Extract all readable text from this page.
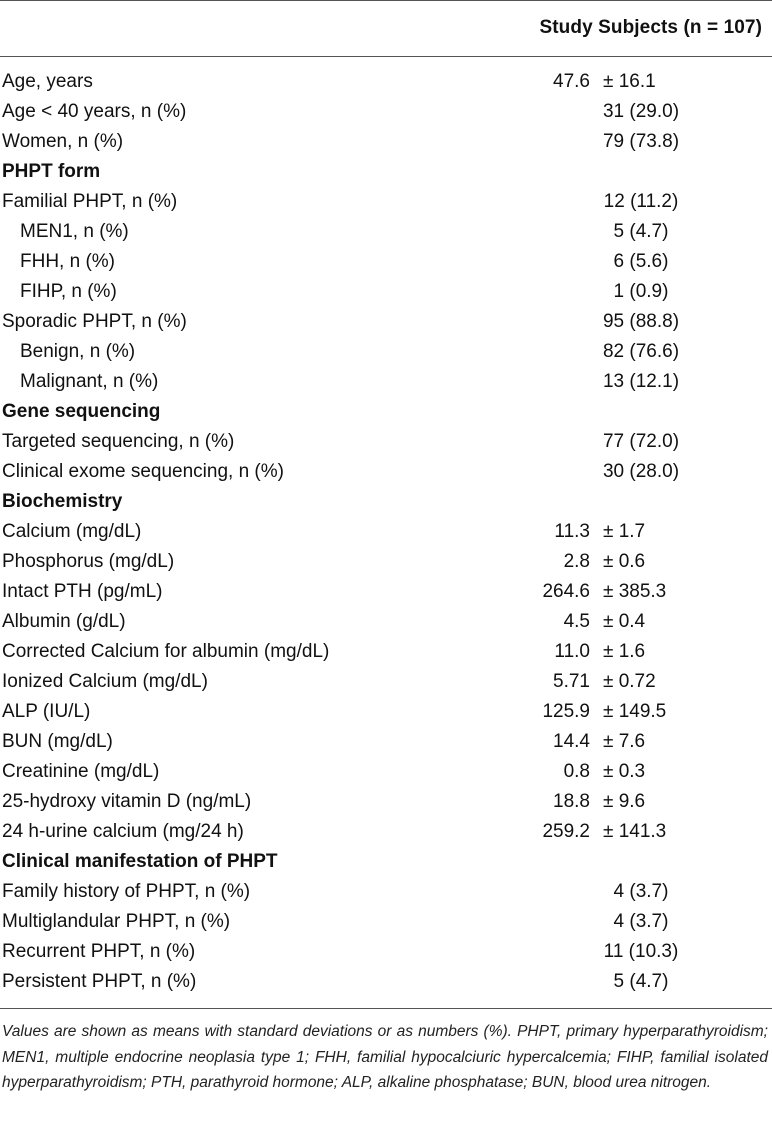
Study Subjects (n = 107)
Age, years	47.6 ± 16.1
Age < 40 years, n (%)	31 (29.0)
Women, n (%)	79 (73.8)
PHPT form
Familial PHPT, n (%)	12 (11.2)
MEN1, n (%)	5 (4.7)
FHH, n (%)	6 (5.6)
FIHP, n (%)	1 (0.9)
Sporadic PHPT, n (%)	95 (88.8)
Benign, n (%)	82 (76.6)
Malignant, n (%)	13 (12.1)
Gene sequencing
Targeted sequencing, n (%)	77 (72.0)
Clinical exome sequencing, n (%)	30 (28.0)
Biochemistry
Calcium (mg/dL)	11.3 ± 1.7
Phosphorus (mg/dL)	2.8 ± 0.6
Intact PTH (pg/mL)	264.6 ± 385.3
Albumin (g/dL)	4.5 ± 0.4
Corrected Calcium for albumin (mg/dL)	11.0 ± 1.6
Ionized Calcium (mg/dL)	5.71 ± 0.72
ALP (IU/L)	125.9 ± 149.5
BUN (mg/dL)	14.4 ± 7.6
Creatinine (mg/dL)	0.8 ± 0.3
25-hydroxy vitamin D (ng/mL)	18.8 ± 9.6
24 h-urine calcium (mg/24 h)	259.2 ± 141.3
Clinical manifestation of PHPT
Family history of PHPT, n (%)	4 (3.7)
Multiglandular PHPT, n (%)	4 (3.7)
Recurrent PHPT, n (%)	11 (10.3)
Persistent PHPT, n (%)	5 (4.7)
Values are shown as means with standard deviations or as numbers (%). PHPT, primary hyperparathyroidism; MEN1, multiple endocrine neoplasia type 1; FHH, familial hypocalciuric hypercalcemia; FIHP, familial isolated hyperparathyroidism; PTH, parathyroid hormone; ALP, alkaline phosphatase; BUN, blood urea nitrogen.
